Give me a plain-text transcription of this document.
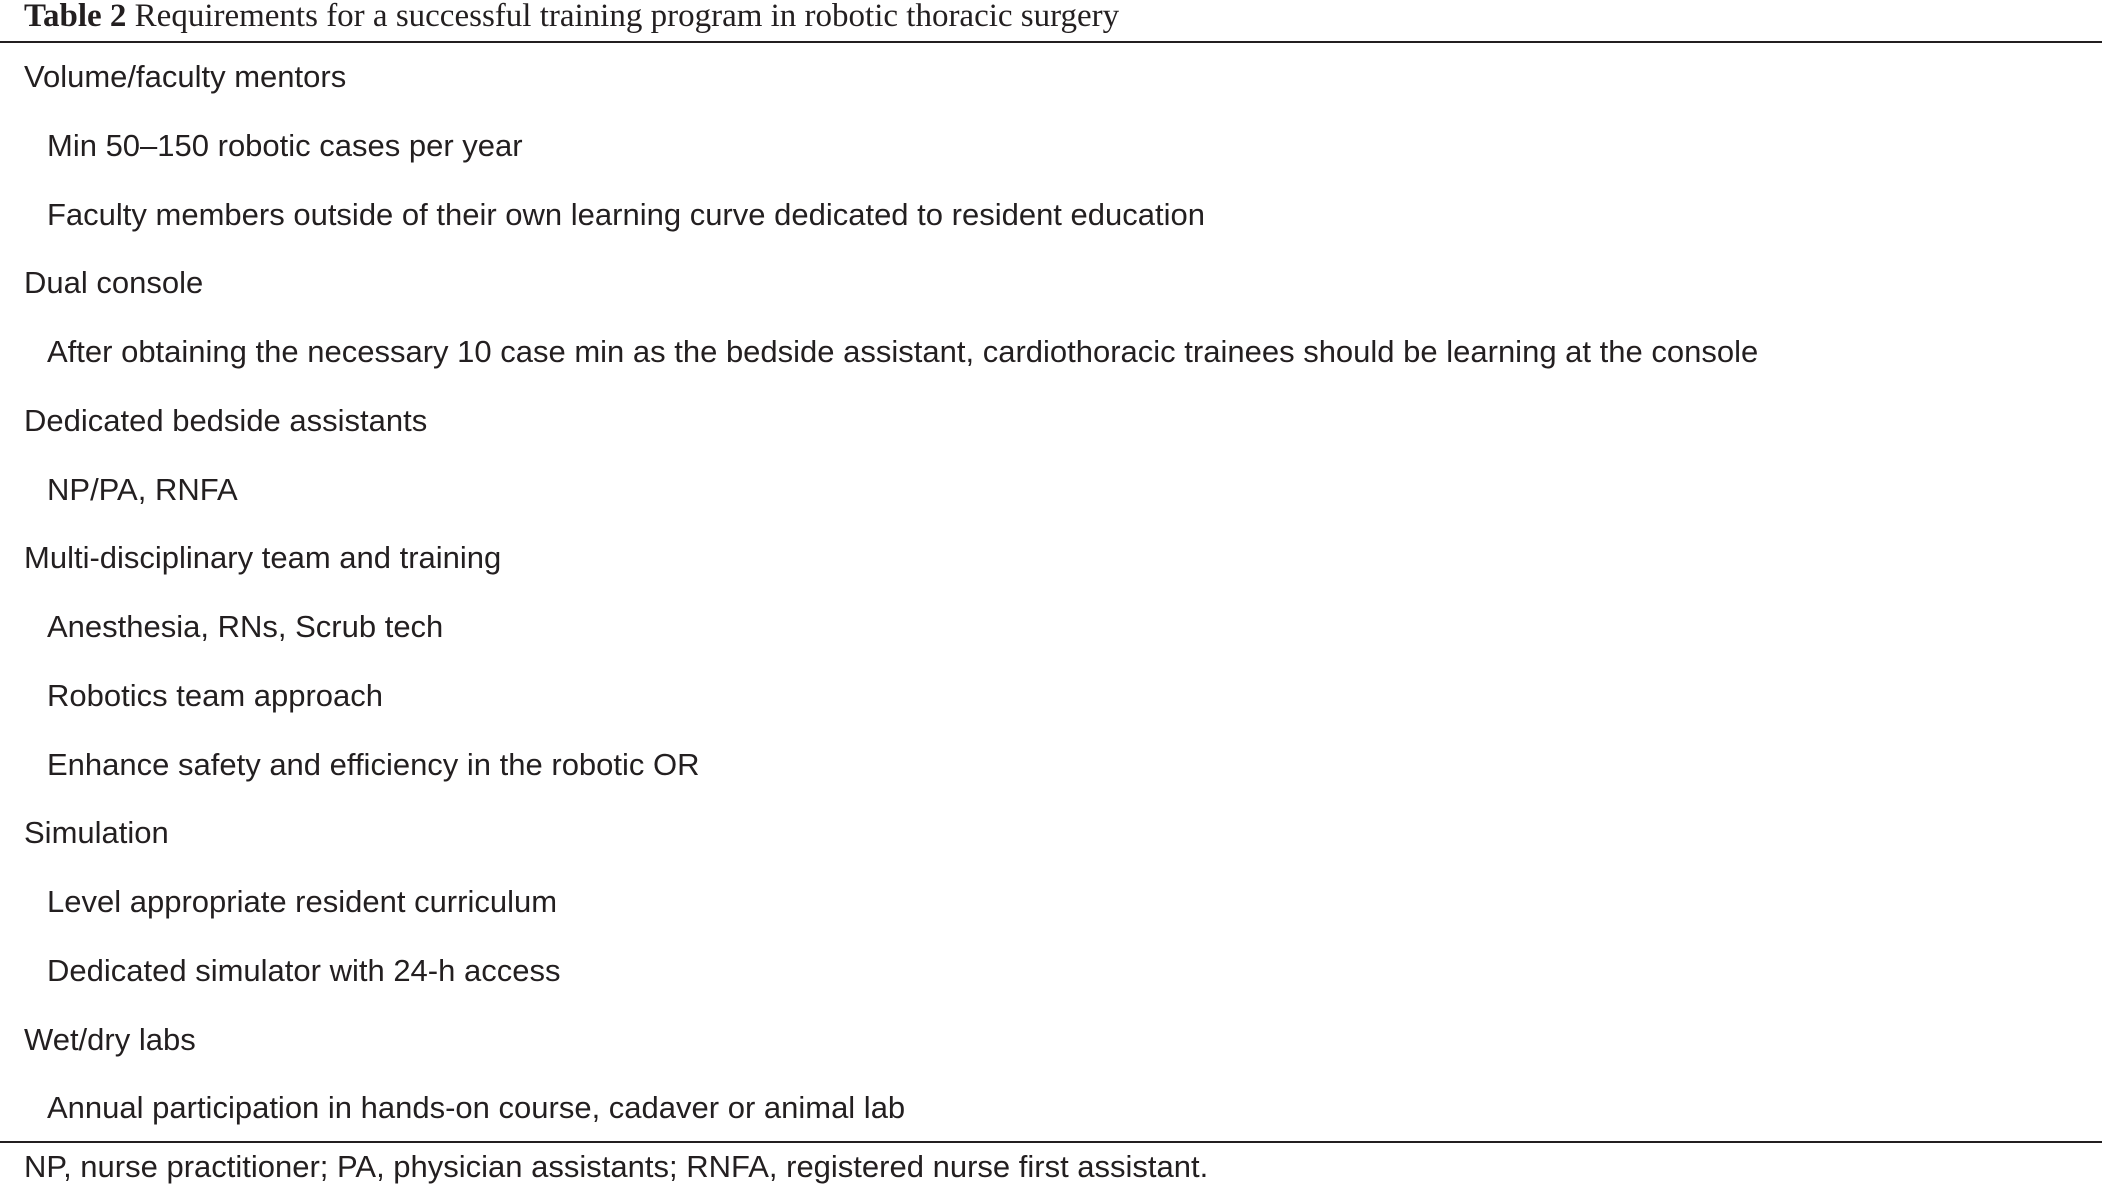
Table 2 Requirements for a successful training program in robotic thoracic surgery
Volume/faculty mentors
Min 50–150 robotic cases per year
Faculty members outside of their own learning curve dedicated to resident education
Dual console
After obtaining the necessary 10 case min as the bedside assistant, cardiothoracic trainees should be learning at the console
Dedicated bedside assistants
NP/PA, RNFA
Multi-disciplinary team and training
Anesthesia, RNs, Scrub tech
Robotics team approach
Enhance safety and efficiency in the robotic OR
Simulation
Level appropriate resident curriculum
Dedicated simulator with 24-h access
Wet/dry labs
Annual participation in hands-on course, cadaver or animal lab
NP, nurse practitioner; PA, physician assistants; RNFA, registered nurse first assistant.
